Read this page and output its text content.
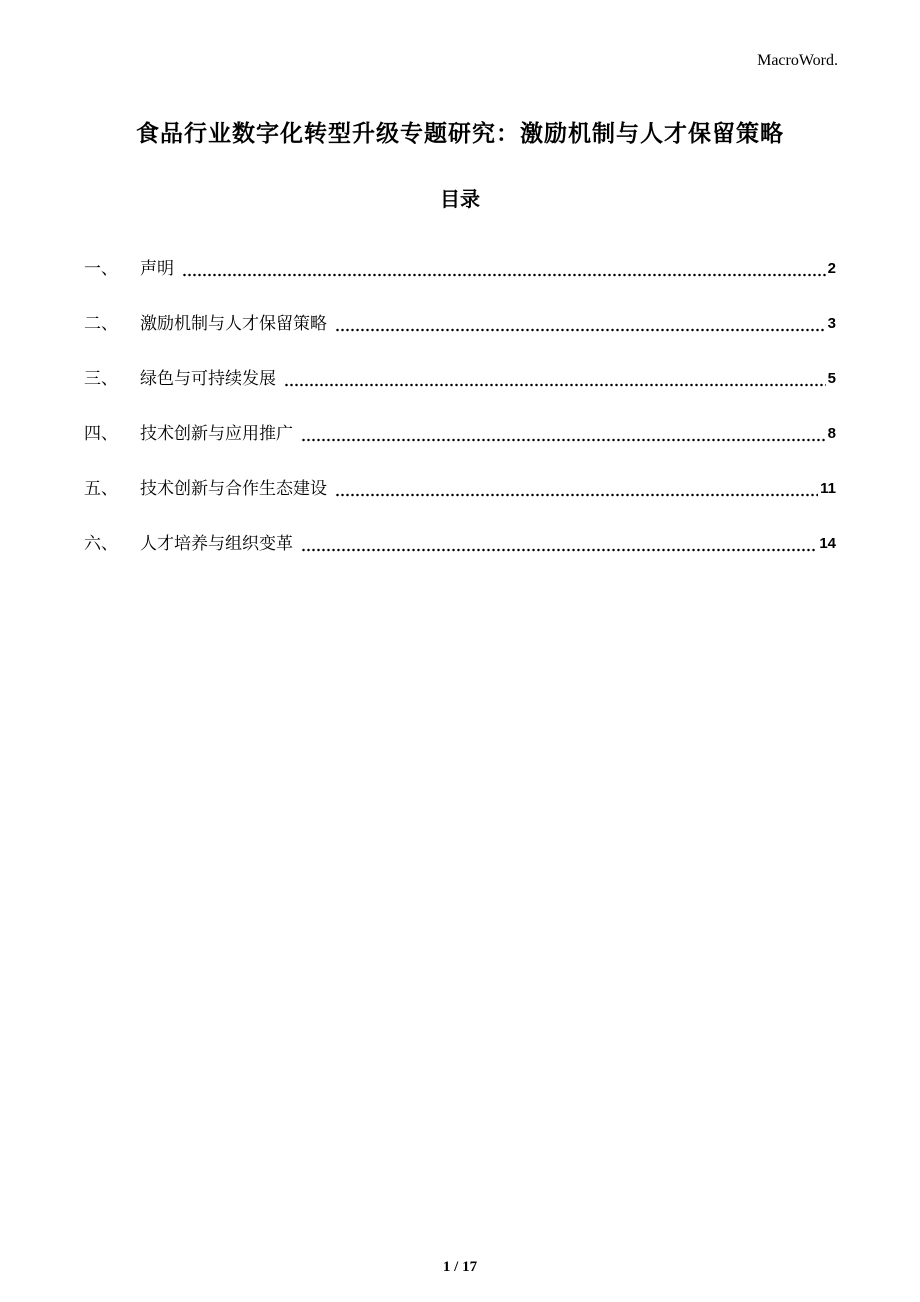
MacroWord.
食品行业数字化转型升级专题研究：激励机制与人才保留策略
目录
一、	声明	2
二、	激励机制与人才保留策略	3
三、	绿色与可持续发展	5
四、	技术创新与应用推广	8
五、	技术创新与合作生态建设	11
六、	人才培养与组织变革	14
1 / 17
